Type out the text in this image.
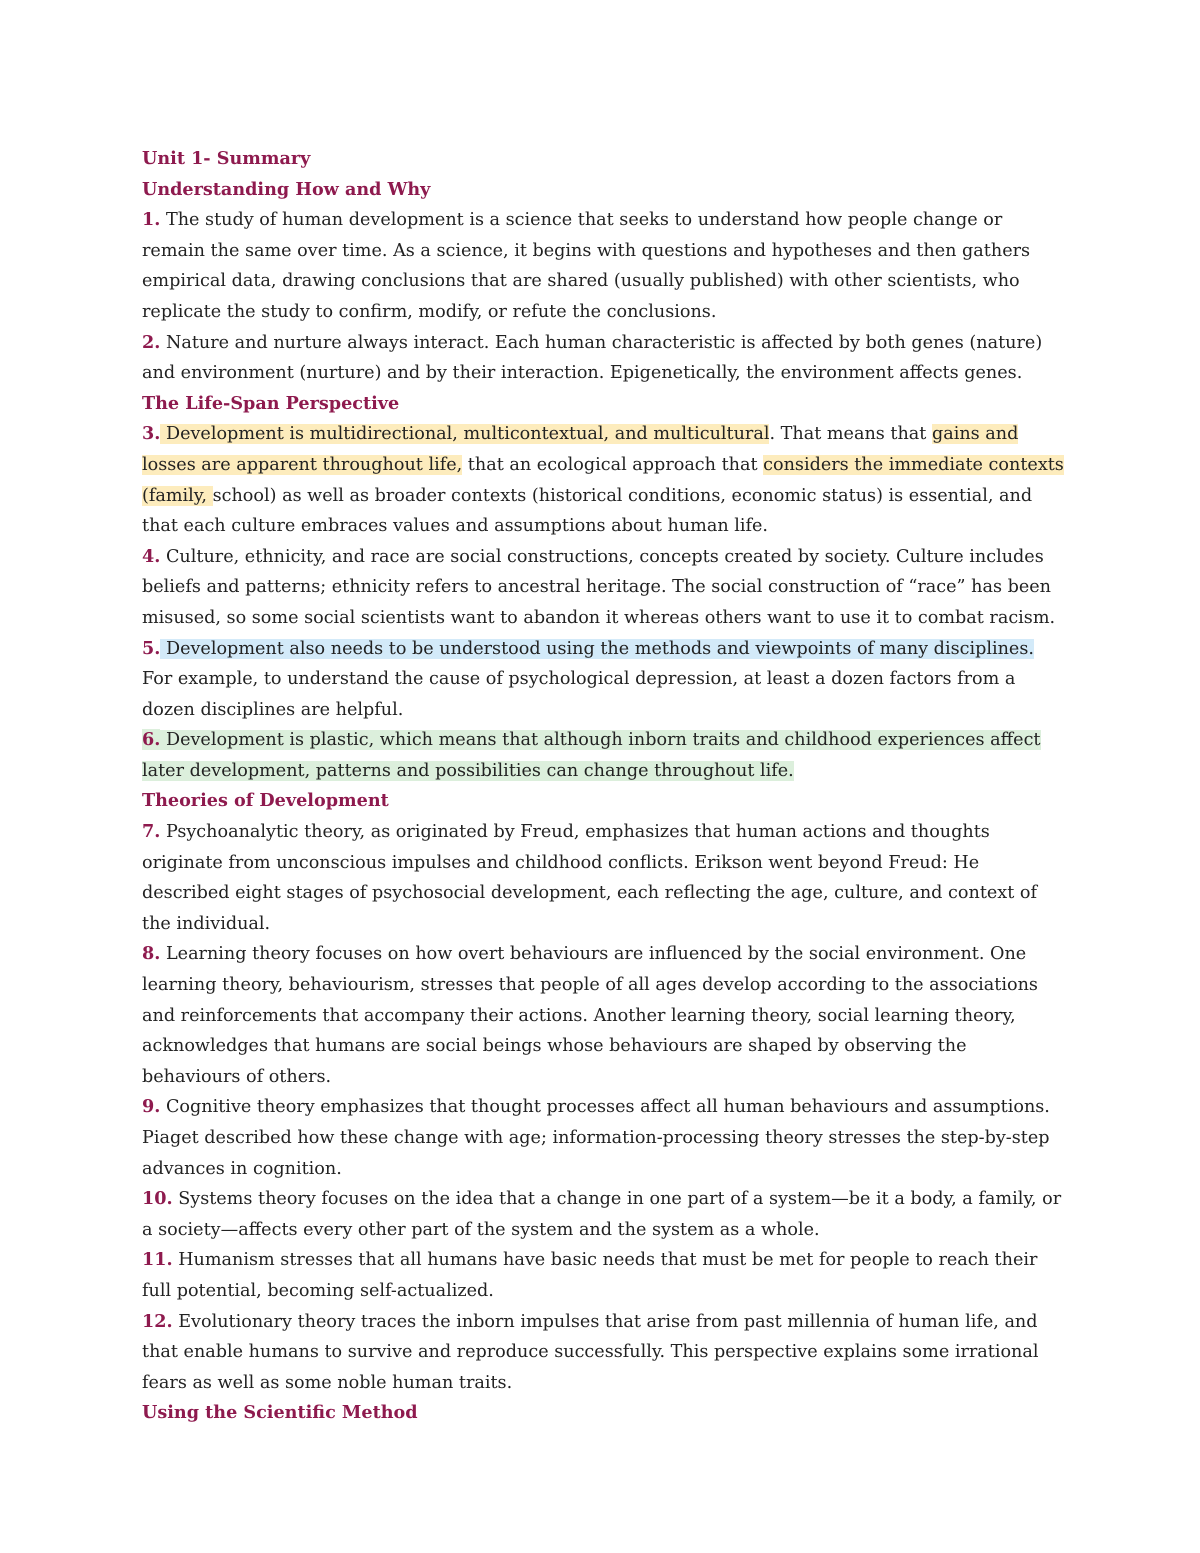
Unit 1- Summary

Understanding How and Why

1. The study of human development is a science that seeks to understand how people change or remain the same over time. As a science, it begins with questions and hypotheses and then gathers empirical data, drawing conclusions that are shared (usually published) with other scientists, who replicate the study to confirm, modify, or refute the conclusions.

2. Nature and nurture always interact. Each human characteristic is affected by both genes (nature) and environment (nurture) and by their interaction. Epigenetically, the environment affects genes.

The Life-Span Perspective

3. Development is multidirectional, multicontextual, and multicultural. That means that gains and losses are apparent throughout life, that an ecological approach that considers the immediate contexts (family, school) as well as broader contexts (historical conditions, economic status) is essential, and that each culture embraces values and assumptions about human life.

4. Culture, ethnicity, and race are social constructions, concepts created by society. Culture includes beliefs and patterns; ethnicity refers to ancestral heritage. The social construction of “race” has been misused, so some social scientists want to abandon it whereas others want to use it to combat racism.

5. Development also needs to be understood using the methods and viewpoints of many disciplines. For example, to understand the cause of psychological depression, at least a dozen factors from a dozen disciplines are helpful.

6. Development is plastic, which means that although inborn traits and childhood experiences affect later development, patterns and possibilities can change throughout life.

Theories of Development

7. Psychoanalytic theory, as originated by Freud, emphasizes that human actions and thoughts originate from unconscious impulses and childhood conflicts. Erikson went beyond Freud: He described eight stages of psychosocial development, each reflecting the age, culture, and context of the individual.

8. Learning theory focuses on how overt behaviours are influenced by the social environment. One learning theory, behaviourism, stresses that people of all ages develop according to the associations and reinforcements that accompany their actions. Another learning theory, social learning theory, acknowledges that humans are social beings whose behaviours are shaped by observing the behaviours of others.

9. Cognitive theory emphasizes that thought processes affect all human behaviours and assumptions. Piaget described how these change with age; information-processing theory stresses the step-by-step advances in cognition.

10. Systems theory focuses on the idea that a change in one part of a system—be it a body, a family, or a society—affects every other part of the system and the system as a whole.

11. Humanism stresses that all humans have basic needs that must be met for people to reach their full potential, becoming self-actualized.

12. Evolutionary theory traces the inborn impulses that arise from past millennia of human life, and that enable humans to survive and reproduce successfully. This perspective explains some irrational fears as well as some noble human traits.

Using the Scientific Method
